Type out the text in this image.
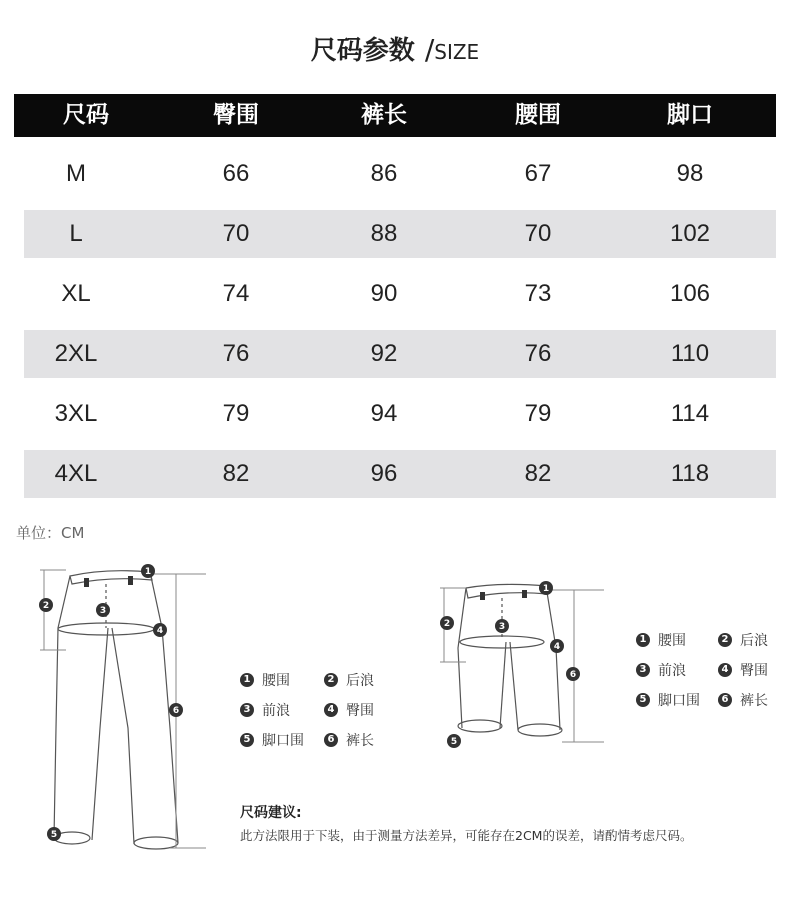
尺码参数 /SIZE
尺码	臀围	裤长	腰围	脚口
M	66	86	67	98
L	70	88	70	102
XL	74	90	73	106
2XL	76	92	76	110
3XL	79	94	79	114
4XL	82	96	82	118
单位：CM
1
2	3
4
5
6
1 腰围	2 后浪
3 前浪	4 臀围
5 脚口围	6 裤长
1
2	3
4
5
6
1 腰围	2 后浪
3 前浪	4 臀围
5 脚口围	6 裤长
尺码建议:
此方法限用于下装，由于测量方法差异，可能存在2CM的误差，请酌情考虑尺码。
